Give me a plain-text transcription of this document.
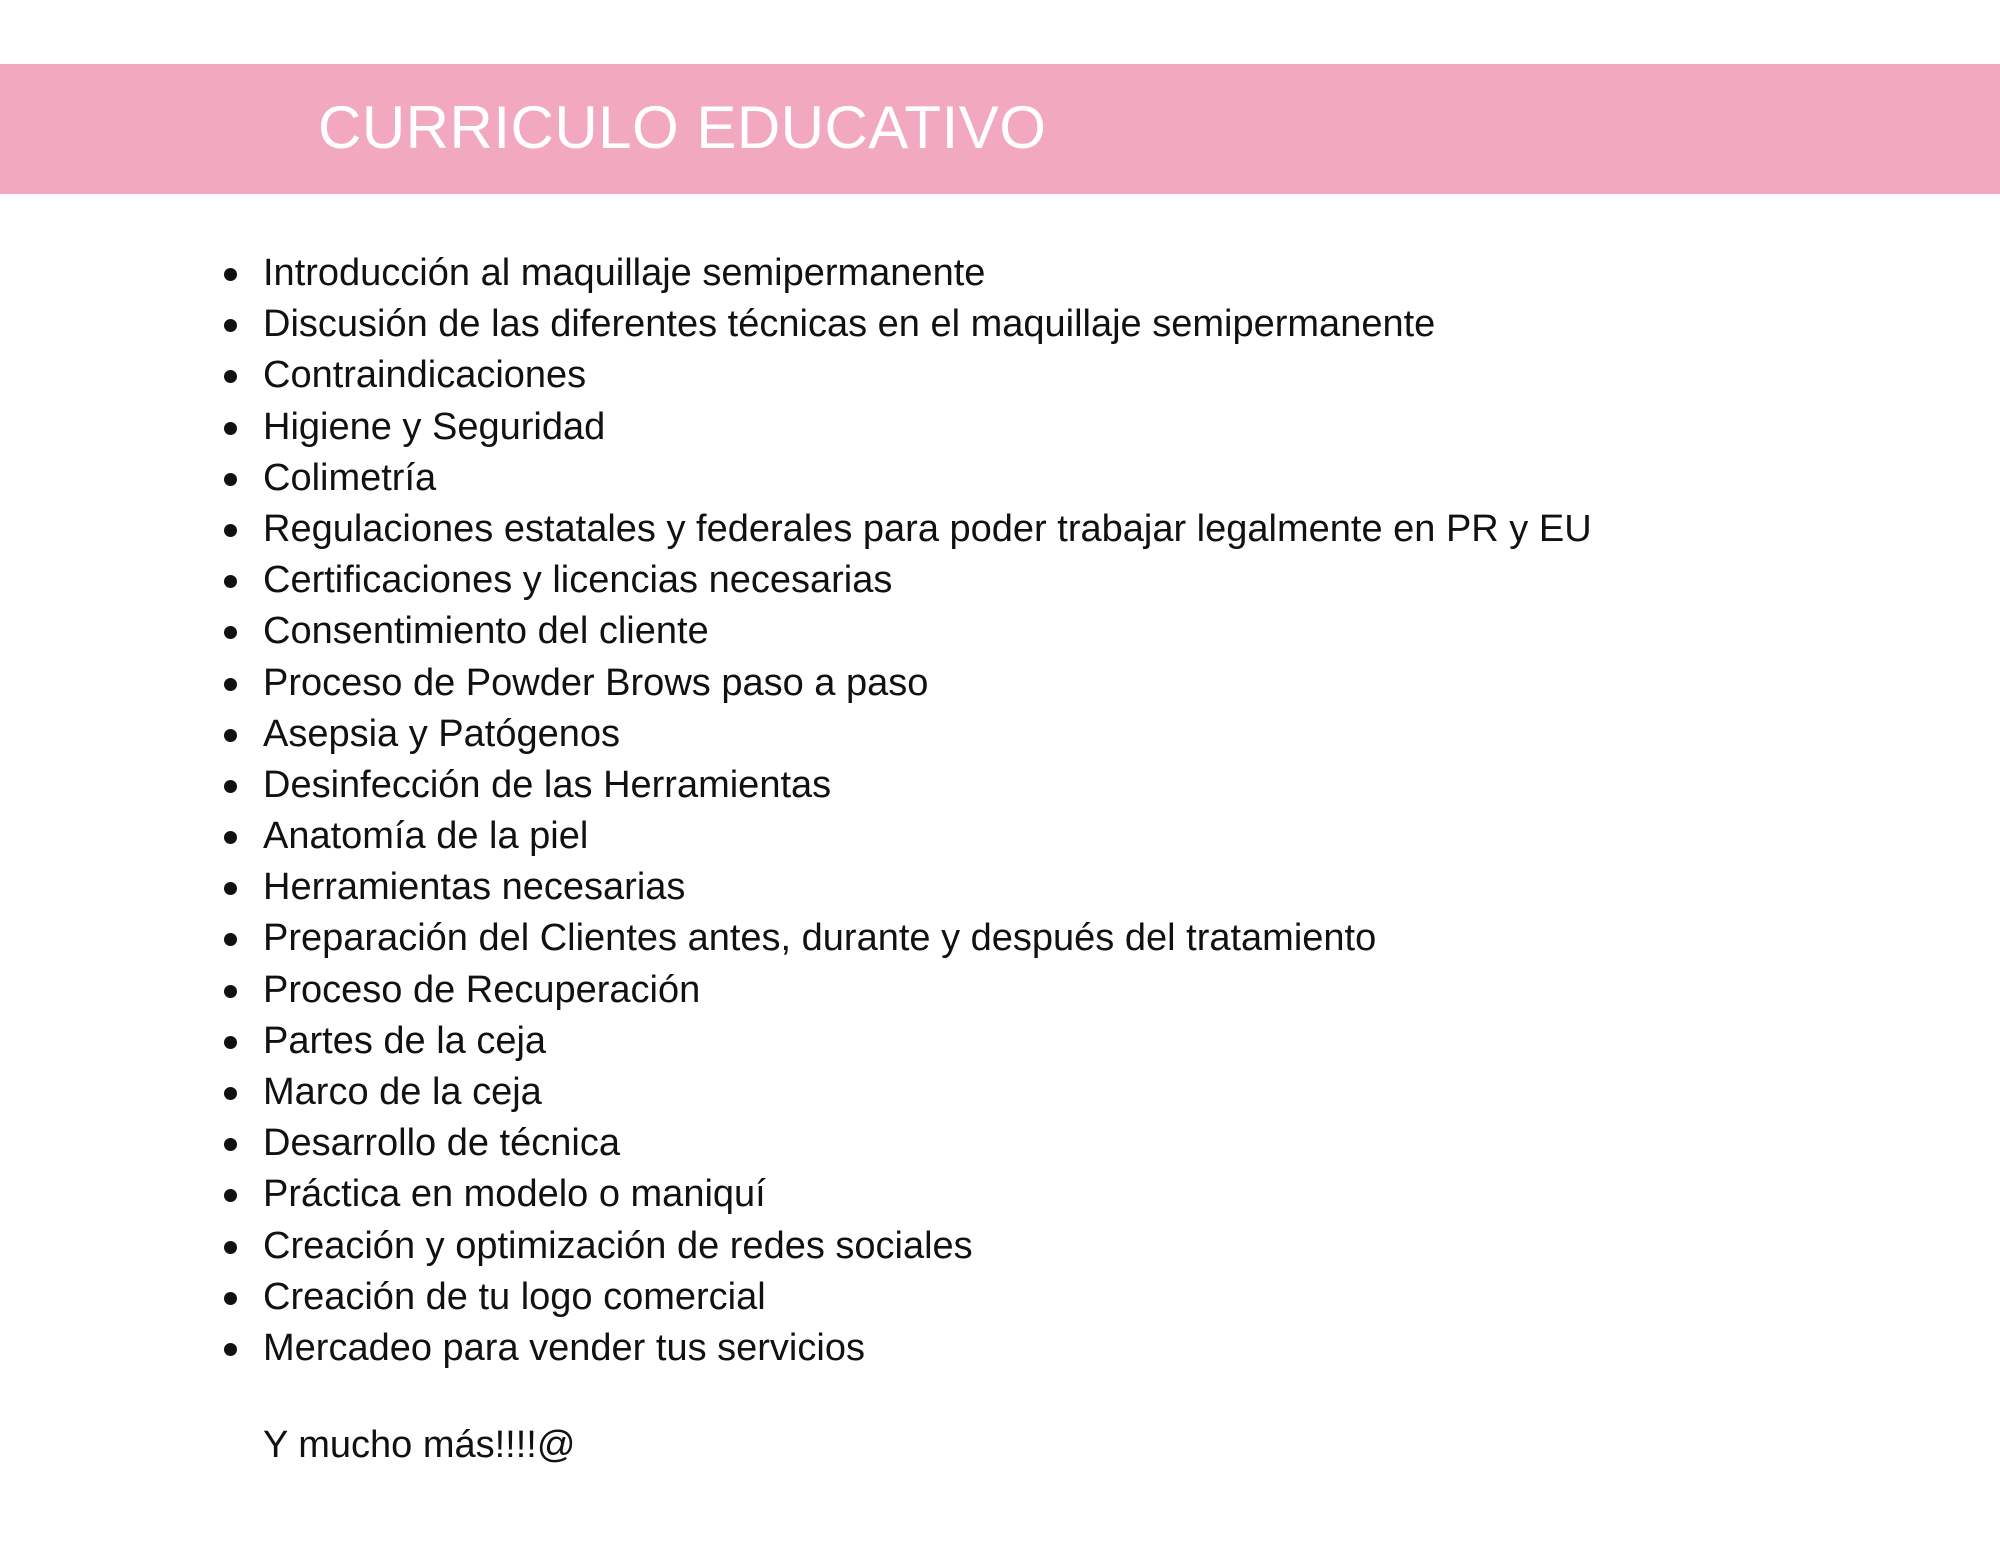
CURRICULO EDUCATIVO
Introducción al maquillaje semipermanente
Discusión de las diferentes técnicas en el maquillaje semipermanente
Contraindicaciones
Higiene y Seguridad
Colimetría
Regulaciones estatales y federales para poder trabajar legalmente en PR y EU
Certificaciones y licencias necesarias
Consentimiento del cliente
Proceso de Powder Brows paso a paso
Asepsia y Patógenos
Desinfección de las Herramientas
Anatomía de la piel
Herramientas necesarias
Preparación del Clientes antes, durante y después del tratamiento
Proceso de Recuperación
Partes de la ceja
Marco de la ceja
Desarrollo de técnica
Práctica en modelo o maniquí
Creación y optimización de redes sociales
Creación de tu logo comercial
Mercadeo para vender tus servicios

Y mucho más!!!!@
